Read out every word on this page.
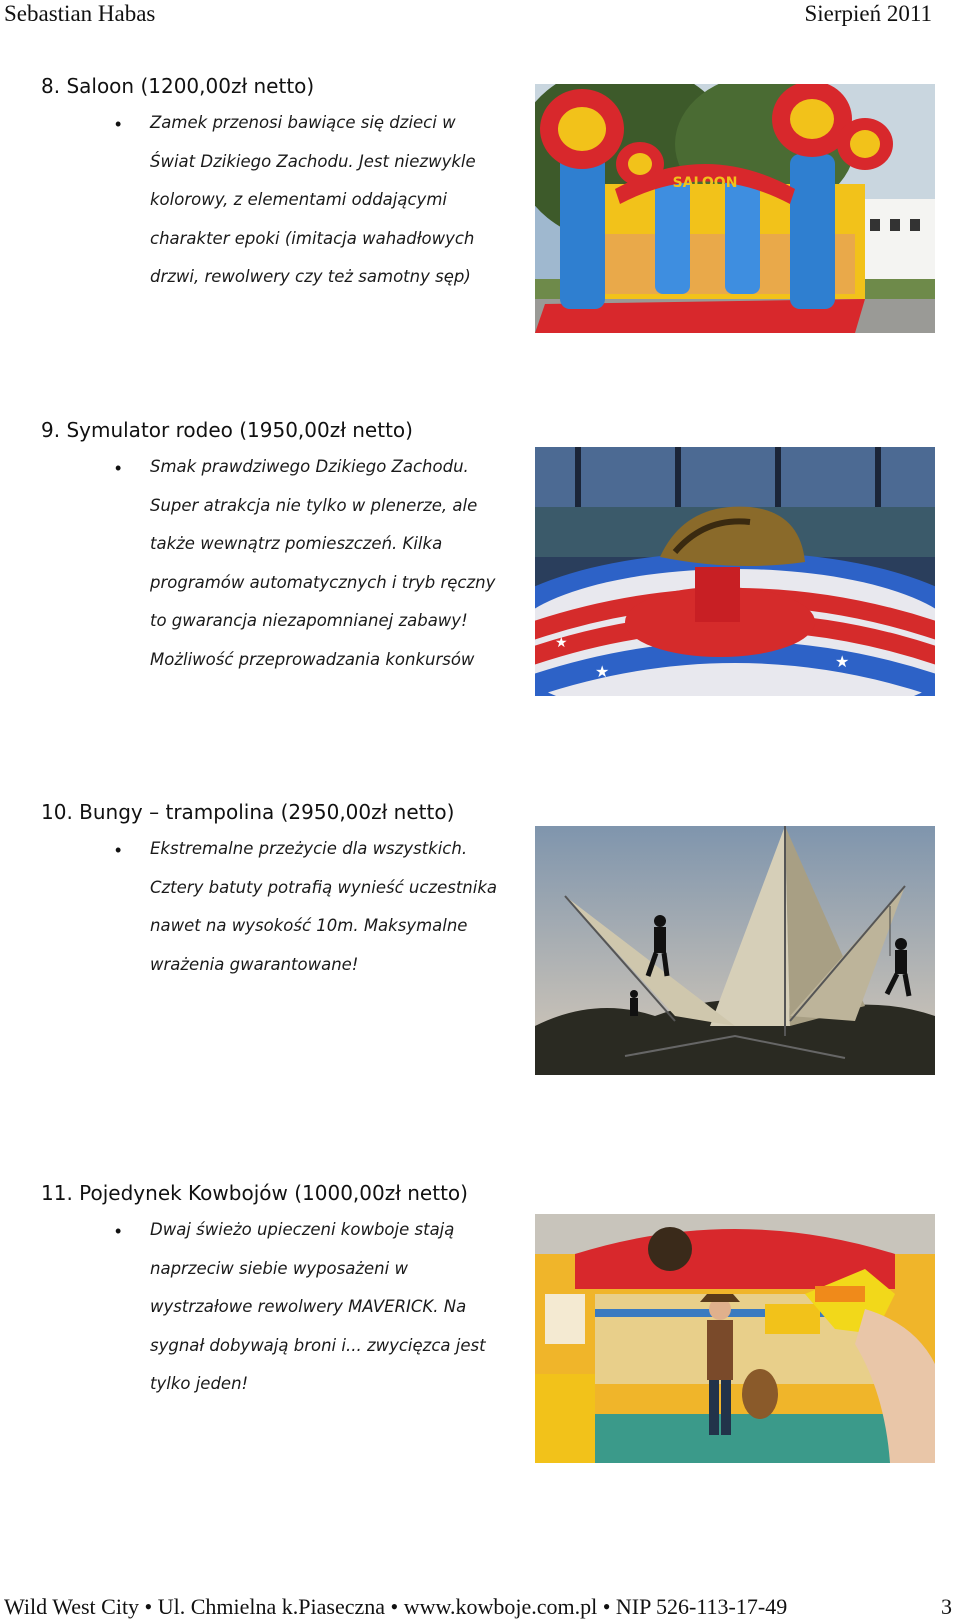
Sebastian Habas	Sierpień 2011
8. Saloon (1200,00zł netto)
• Zamek przenosi bawiące się dzieci w
Świat Dzikiego Zachodu. Jest niezwykle
kolorowy, z elementami oddającymi
charakter epoki (imitacja wahadłowych
drzwi, rewolwery czy też samotny sęp)

SALOON
9. Symulator rodeo (1950,00zł netto)
• Smak prawdziwego Dzikiego Zachodu.
Super atrakcja nie tylko w plenerze, ale
także wewnątrz pomieszczeń. Kilka
programów automatycznych i tryb ręczny
to gwarancja niezapomnianej zabawy!
Możliwość przeprowadzania konkursów

★
★
★
10. Bungy – trampolina (2950,00zł netto)
• Ekstremalne przeżycie dla wszystkich.
Cztery batuty potrafią wynieść uczestnika
nawet na wysokość 10m. Maksymalne
wrażenia gwarantowane!

11. Pojedynek Kowbojów (1000,00zł netto)
• Dwaj świeżo upieczeni kowboje stają
naprzeciw siebie wyposażeni w
wystrzałowe rewolwery MAVERICK. Na
sygnał dobywają broni i... zwycięzca jest
tylko jeden!

Wild West City • Ul. Chmielna k.Piaseczna • www.kowboje.com.pl • NIP 526-113-17-49	3
